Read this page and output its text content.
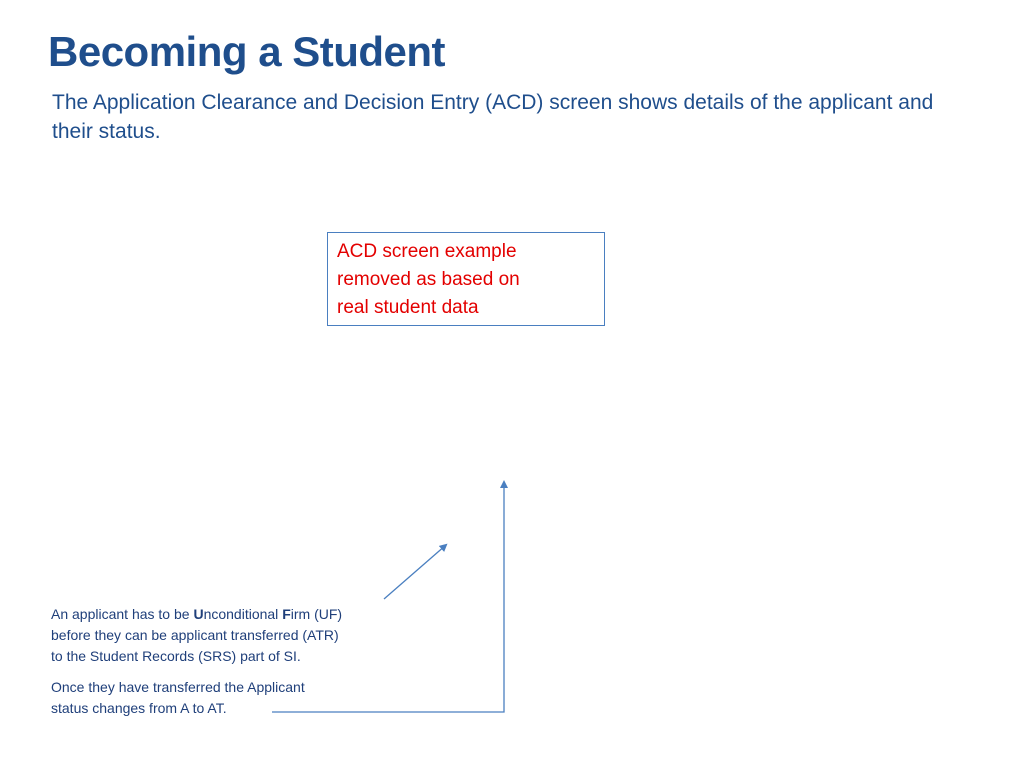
Becoming a Student

The Application Clearance and Decision Entry (ACD) screen shows details of the applicant and their status.

ACD screen example
removed as based on
real student data
An applicant has to be Unconditional Firm (UF)
before they can be applicant transferred (ATR)
to the Student Records (SRS) part of SI.
Once they have transferred the Applicant
status changes from A to AT.
